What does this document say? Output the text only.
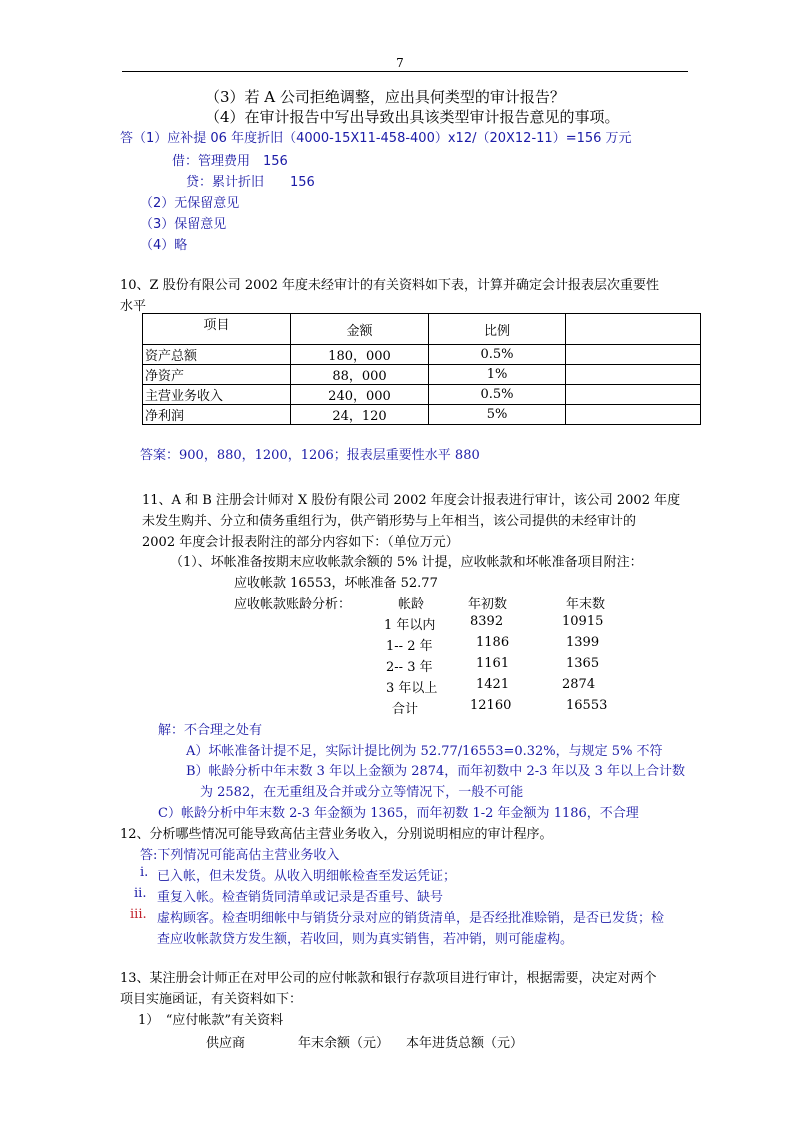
7
（3）若 A 公司拒绝调整，应出具何类型的审计报告？
（4）在审计报告中写出导致出具该类型审计报告意见的事项。
答（1）应补提 06 年度折旧（4000-15X11-458-400）x12/（20X12-11）=156 万元
借：管理费用　156
贷：累计折旧　　156
（2）无保留意见
（3）保留意见
（4）略
10、Z 股份有限公司 2002 年度未经审计的有关资料如下表，计算并确定会计报表层次重要性
水平
项目	金额	比例	
资产总额	180，000	0.5%	
净资产	88，000	1%	
主营业务收入	240，000	0.5%	
净利润	24，120	5%	
答案：900，880，1200，1206；报表层重要性水平 880
11、A 和 B 注册会计师对 X 股份有限公司 2002 年度会计报表进行审计，该公司 2002 年度
未发生购并、分立和债务重组行为，供产销形势与上年相当，该公司提供的未经审计的
2002 年度会计报表附注的部分内容如下：（单位万元）
（1）、坏帐准备按期末应收帐款余额的 5% 计提，应收帐款和坏帐准备项目附注：
应收帐款 16553，坏帐准备 52.77
应收帐款账龄分析：	帐龄	年初数	年末数
1 年以内	8392	10915
1-- 2 年	1186	1399
2-- 3 年	1161	1365
3 年以上	1421	2874
合计	12160	16553
解：不合理之处有
A）坏帐准备计提不足，实际计提比例为 52.77/16553=0.32%，与规定 5% 不符
B）帐龄分析中年末数 3 年以上金额为 2874，而年初数中 2-3 年以及 3 年以上合计数
为 2582，在无重组及合并或分立等情况下，一般不可能
C）帐龄分析中年末数 2-3 年金额为 1365，而年初数 1-2 年金额为 1186，不合理
12、分析哪些情况可能导致高估主营业务收入，分别说明相应的审计程序。
答:下列情况可能高估主营业务收入
i. 已入帐，但未发货。从收入明细帐检查至发运凭证；
ii. 重复入帐。检查销货同清单或记录是否重号、缺号
iii. 虚构顾客。检查明细帐中与销货分录对应的销货清单，是否经批准赊销，是否已发货；检
查应收帐款贷方发生额，若收回，则为真实销售，若冲销，则可能虚构。
13、某注册会计师正在对甲公司的应付帐款和银行存款项目进行审计，根据需要，决定对两个
项目实施函证，有关资料如下：
1）　“应付帐款”有关资料
供应商	年末余额（元） 本年进货总额（元）
